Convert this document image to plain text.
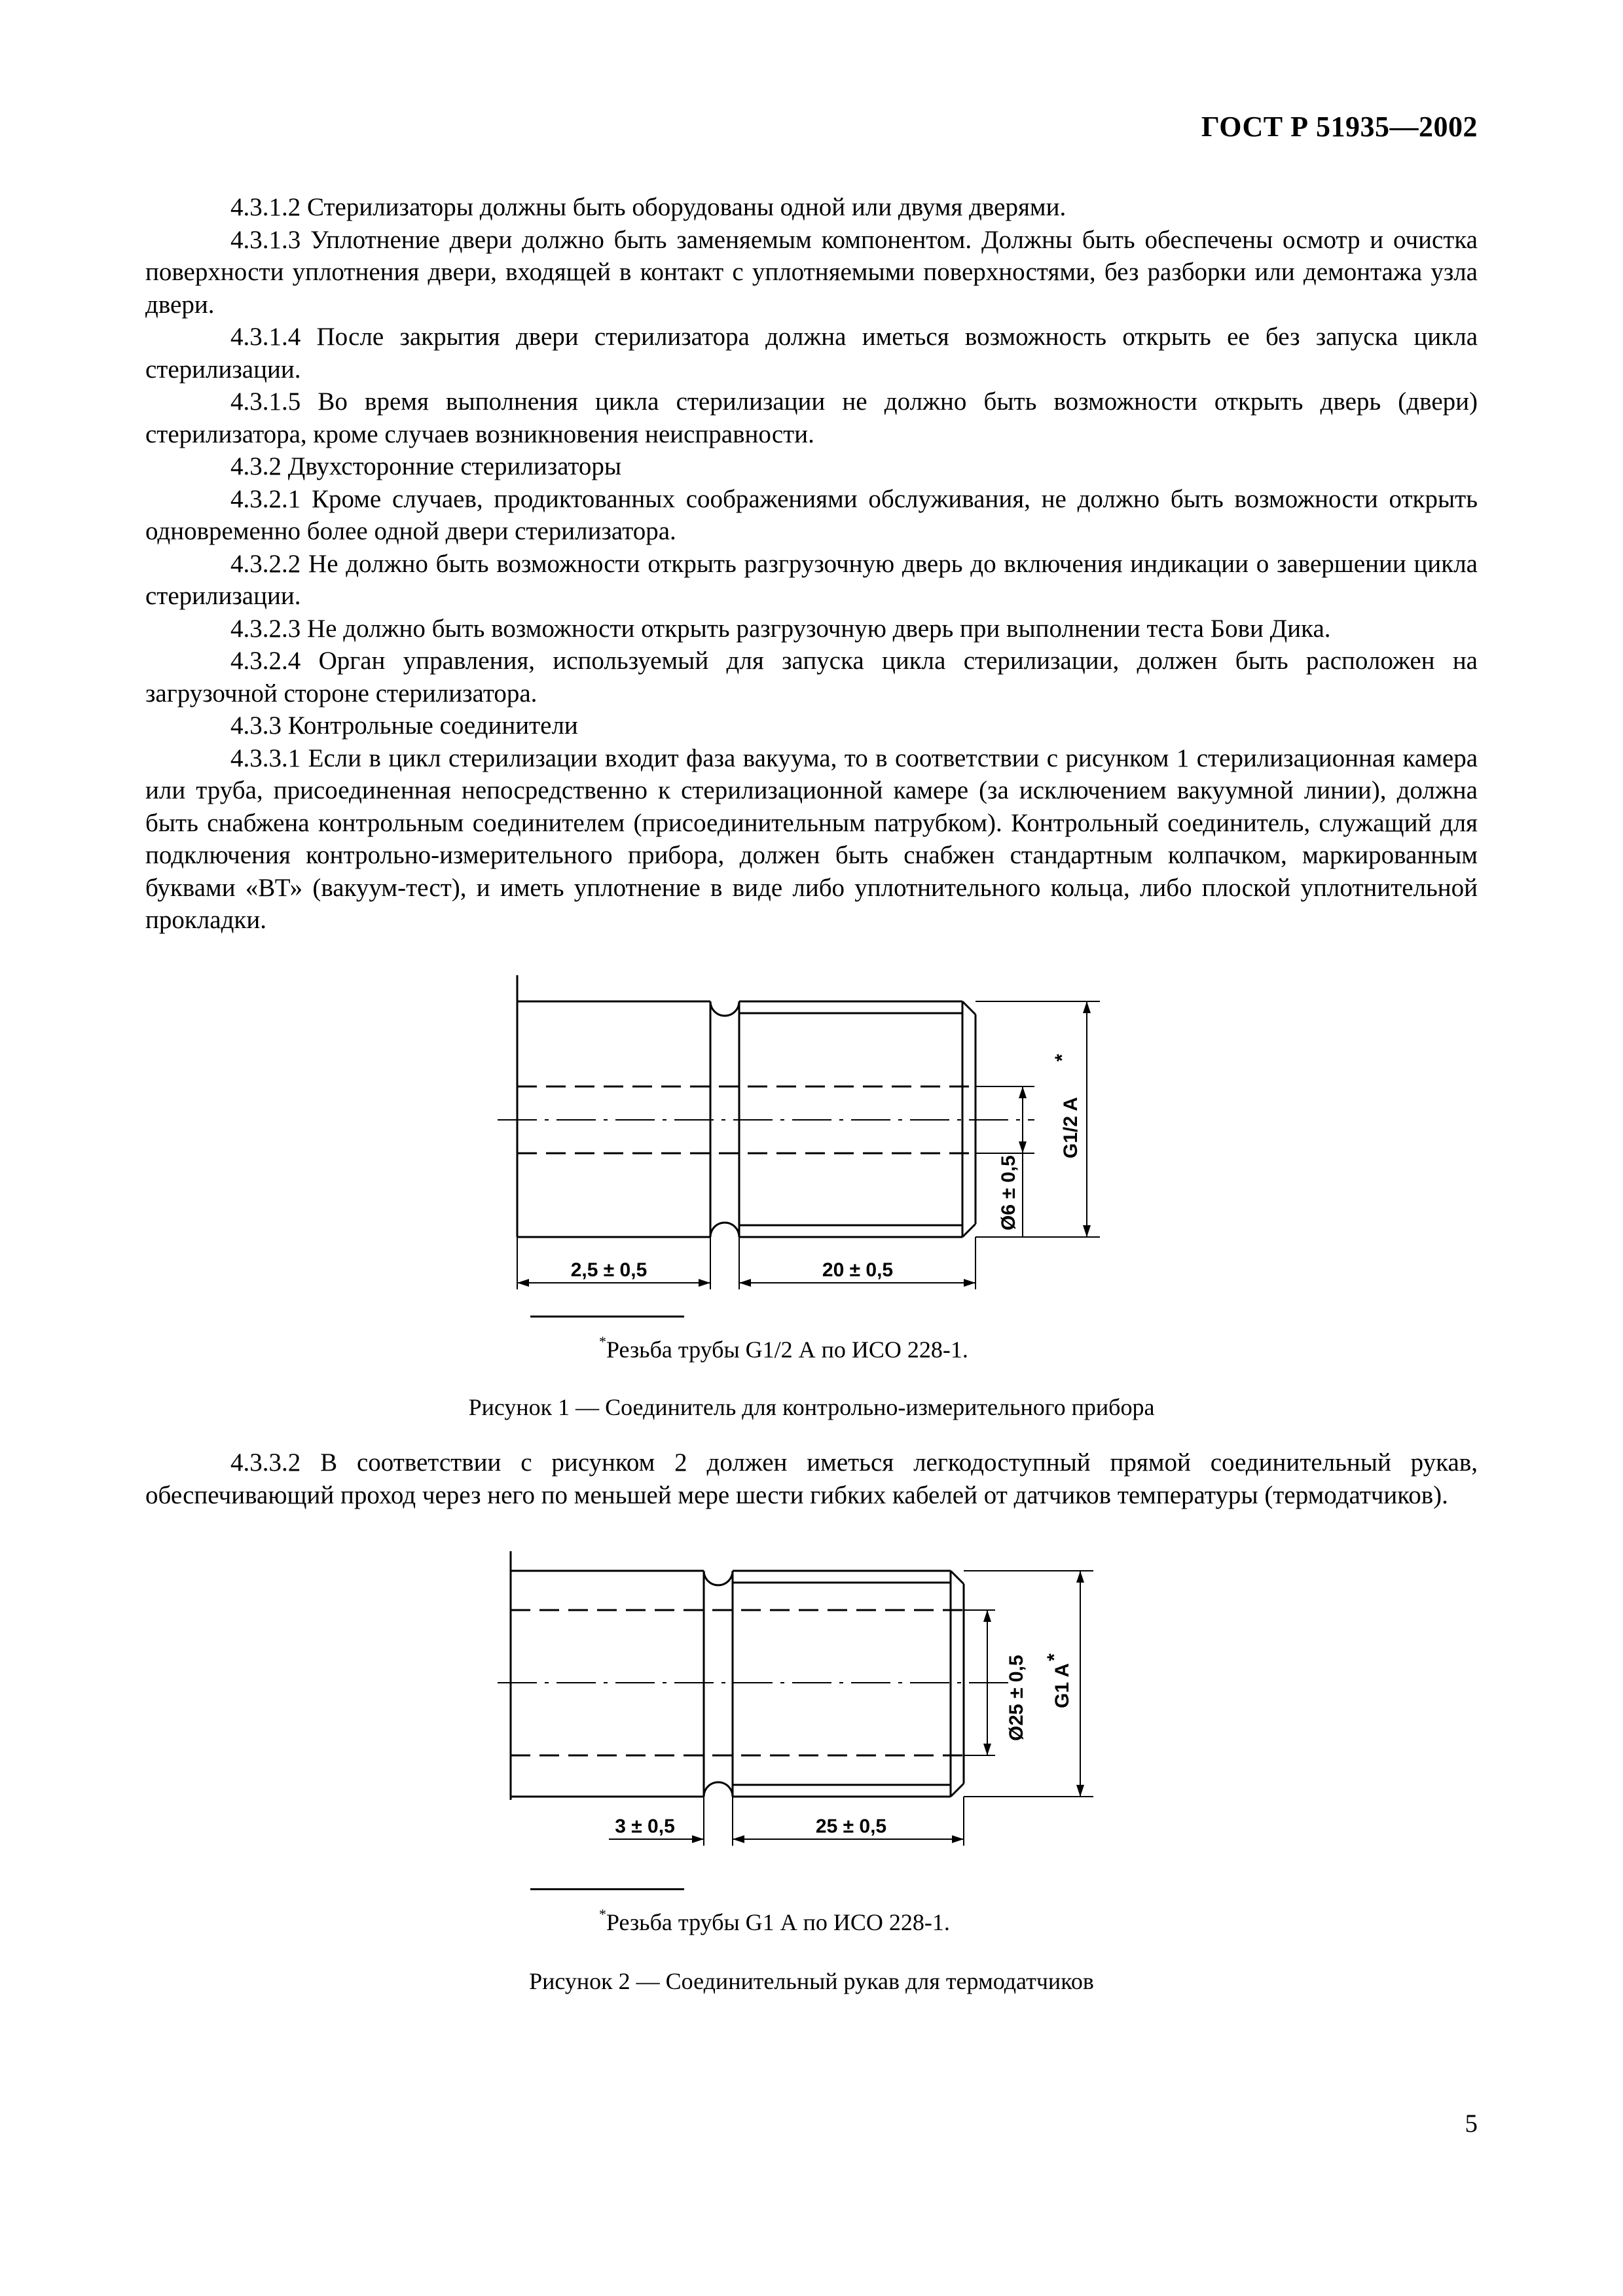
ГОСТ Р 51935—2002

4.3.1.2 Стерилизаторы должны быть оборудованы одной или двумя дверями.

4.3.1.3 Уплотнение двери должно быть заменяемым компонентом. Должны быть обеспечены осмотр и очистка поверхности уплотнения двери, входящей в контакт с уплотняемыми поверхностями, без разборки или демонтажа узла двери.

4.3.1.4 После закрытия двери стерилизатора должна иметься возможность открыть ее без запуска цикла стерилизации.

4.3.1.5 Во время выполнения цикла стерилизации не должно быть возможности открыть дверь (двери) стерилизатора, кроме случаев возникновения неисправности.

4.3.2 Двухсторонние стерилизаторы

4.3.2.1 Кроме случаев, продиктованных соображениями обслуживания, не должно быть возможности открыть одновременно более одной двери стерилизатора.

4.3.2.2 Не должно быть возможности открыть разгрузочную дверь до включения индикации о завершении цикла стерилизации.

4.3.2.3 Не должно быть возможности открыть разгрузочную дверь при выполнении теста Бови Дика.

4.3.2.4 Орган управления, используемый для запуска цикла стерилизации, должен быть расположен на загрузочной стороне стерилизатора.

4.3.3 Контрольные соединители

4.3.3.1 Если в цикл стерилизации входит фаза вакуума, то в соответствии с рисунком 1 стерилизационная камера или труба, присоединенная непосредственно к стерилизационной камере (за исключением вакуумной линии), должна быть снабжена контрольным соединителем (присоединительным патрубком). Контрольный соединитель, служащий для подключения контрольно-измерительного прибора, должен быть снабжен стандартным колпачком, маркированным буквами «ВТ» (вакуум-тест), и иметь уплотнение в виде либо уплотнительного кольца, либо плоской уплотнительной прокладки.

2,5 ± 0,5	20 ± 0,5
Ø6 ± 0,5
G1/2 A
*
*Резьба трубы G1/2 А по ИСО 228-1.
Рисунок 1 — Соединитель для контрольно-измерительного прибора

4.3.3.2 В соответствии с рисунком 2 должен иметься легкодоступный прямой соединительный рукав, обеспечивающий проход через него по меньшей мере шести гибких кабелей от датчиков температуры (термодатчиков).

3 ± 0,5	25 ± 0,5
Ø25 ± 0,5 G1 A
*
*Резьба трубы G1 А по ИСО 228-1.
Рисунок 2 — Соединительный рукав для термодатчиков
5
